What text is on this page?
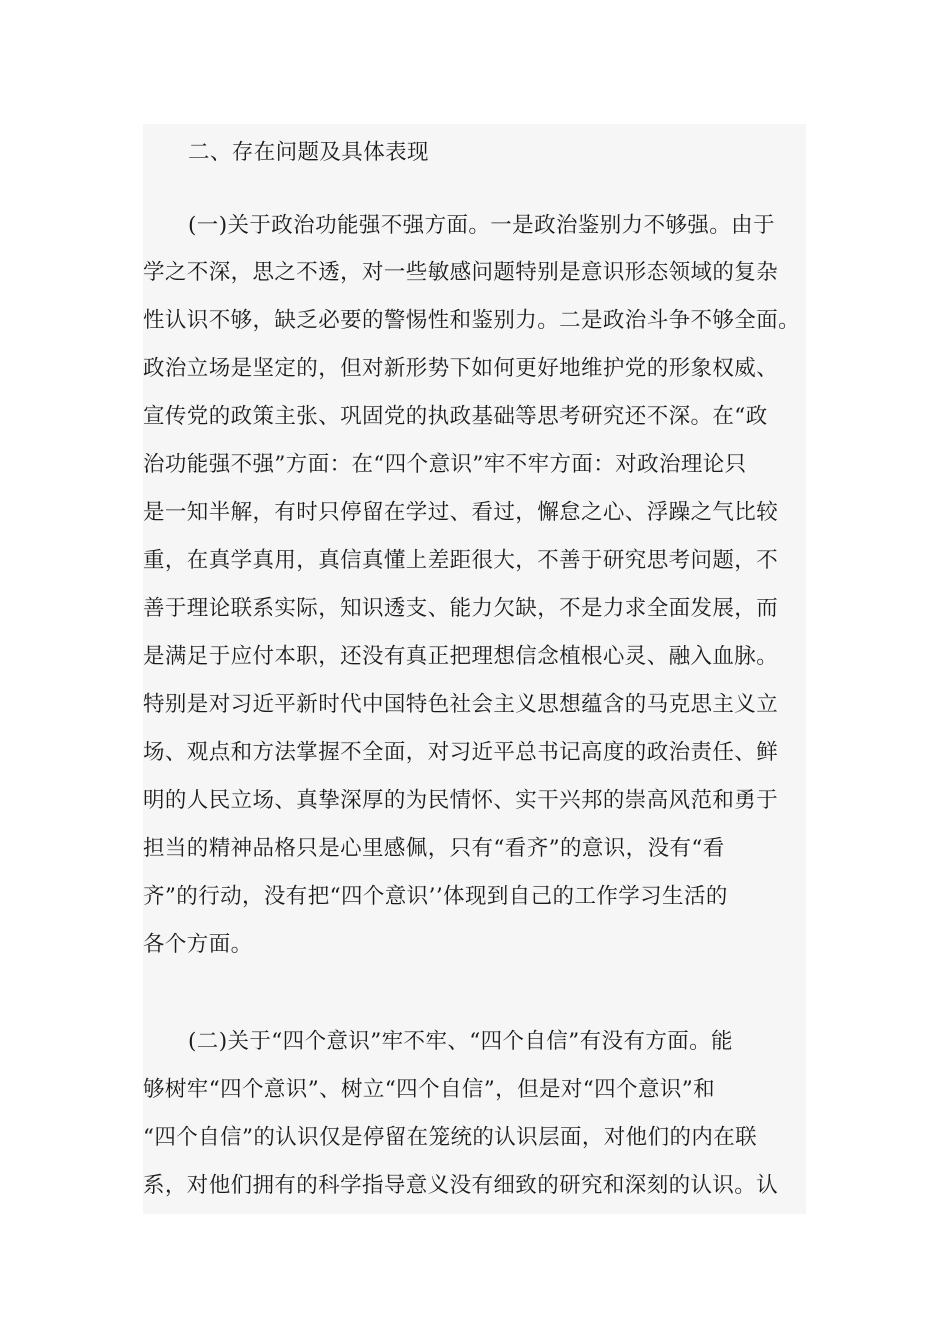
二、存在问题及具体表现
(一)关于政治功能强不强方面。一是政治鉴别力不够强。由于
学之不深，思之不透，对一些敏感问题特别是意识形态领域的复杂
性认识不够，缺乏必要的警惕性和鉴别力。二是政治斗争不够全面。
政治立场是坚定的，但对新形势下如何更好地维护党的形象权威、
宣传党的政策主张、巩固党的执政基础等思考研究还不深。在“政
治功能强不强”方面：在“四个意识”牢不牢方面：对政治理论只
是一知半解，有时只停留在学过、看过，懈怠之心、浮躁之气比较
重，在真学真用，真信真懂上差距很大，不善于研究思考问题，不
善于理论联系实际，知识透支、能力欠缺，不是力求全面发展，而
是满足于应付本职，还没有真正把理想信念植根心灵、融入血脉。
特别是对习近平新时代中国特色社会主义思想蕴含的马克思主义立
场、观点和方法掌握不全面，对习近平总书记高度的政治责任、鲜
明的人民立场、真挚深厚的为民情怀、实干兴邦的崇高风范和勇于
担当的精神品格只是心里感佩，只有“看齐”的意识，没有“看
齐”的行动，没有把“四个意识’’体现到自己的工作学习生活的
各个方面。
(二)关于“四个意识”牢不牢、“四个自信”有没有方面。能
够树牢“四个意识”、树立“四个自信”，但是对“四个意识”和
“四个自信”的认识仅是停留在笼统的认识层面，对他们的内在联
系，对他们拥有的科学指导意义没有细致的研究和深刻的认识。认
